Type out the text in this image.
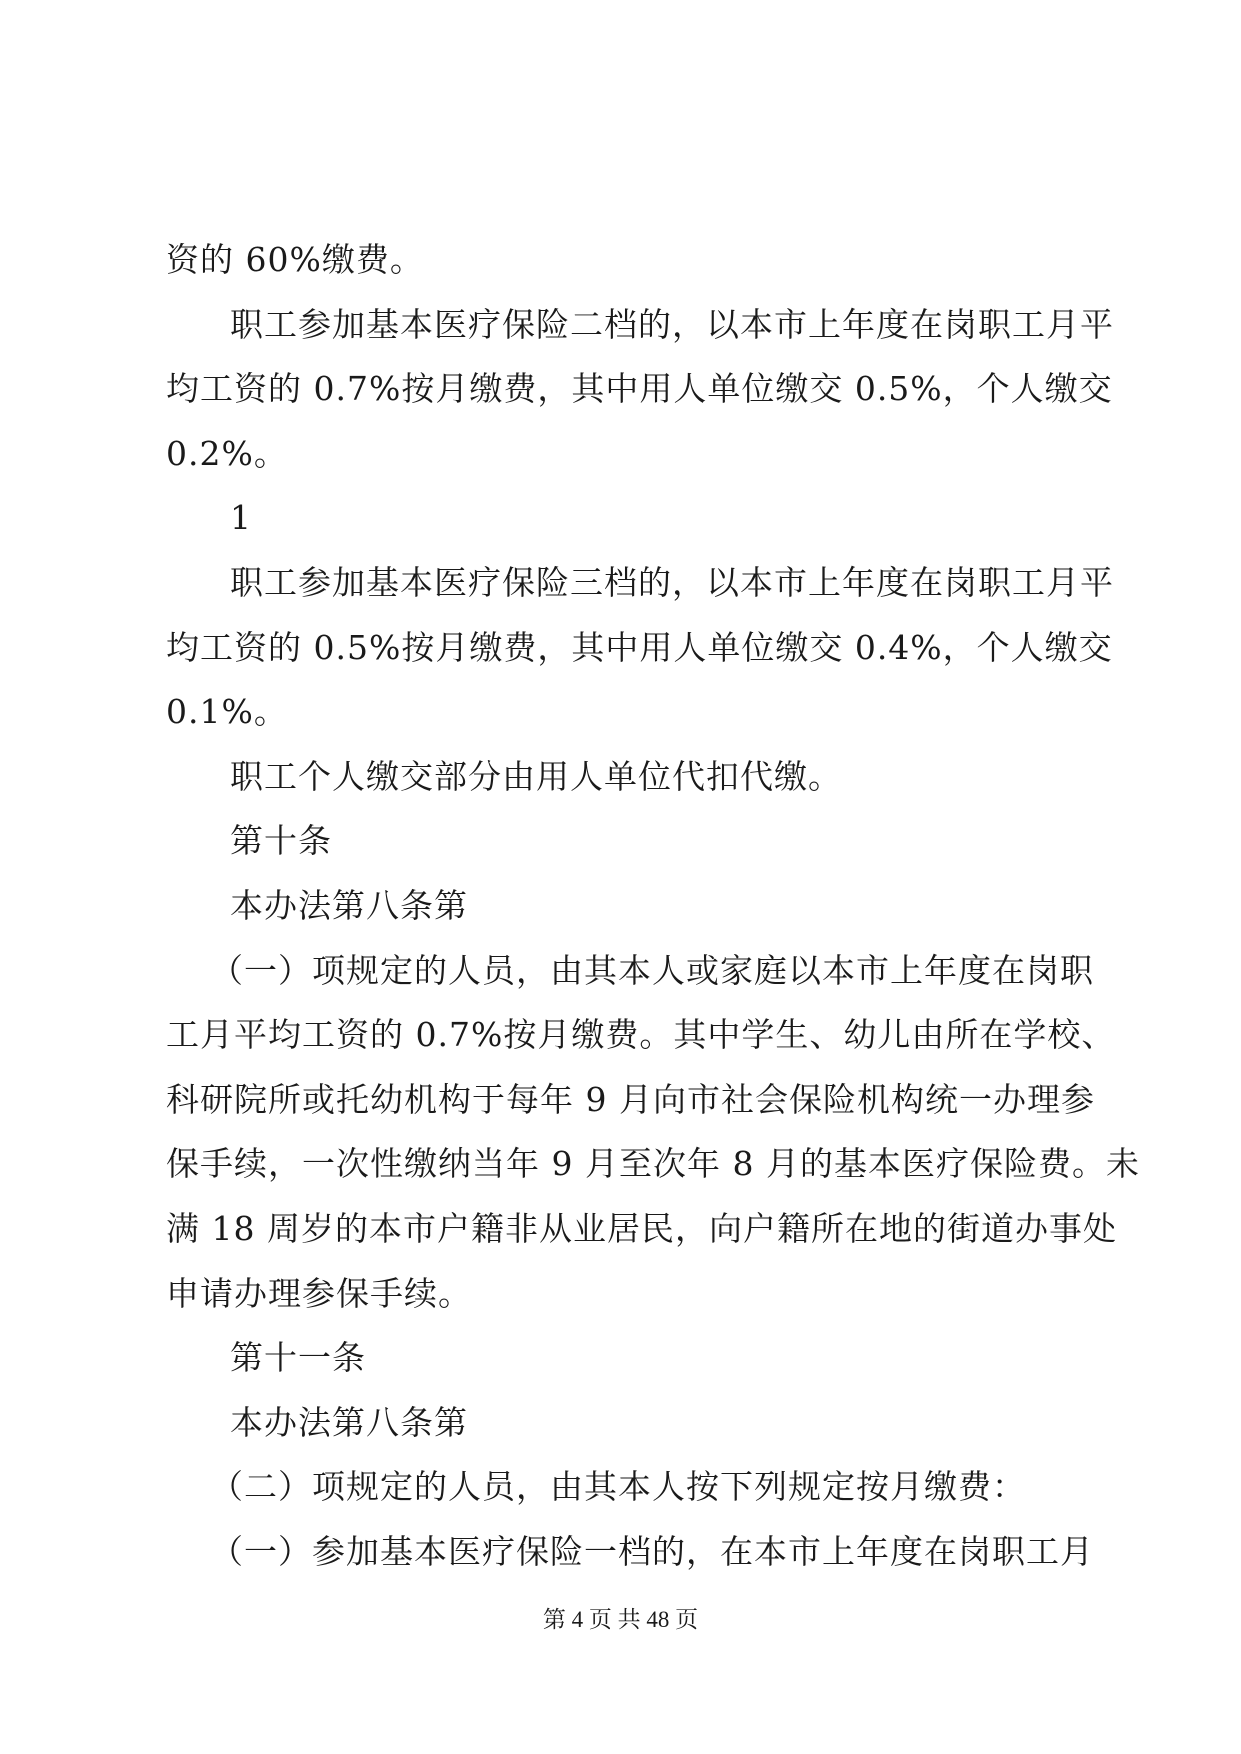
资的 60%缴费。
职工参加基本医疗保险二档的，以本市上年度在岗职工月平
均工资的 0.7%按月缴费，其中用人单位缴交 0.5%，个人缴交
0.2%。
1
职工参加基本医疗保险三档的，以本市上年度在岗职工月平
均工资的 0.5%按月缴费，其中用人单位缴交 0.4%，个人缴交
0.1%。
职工个人缴交部分由用人单位代扣代缴。
第十条
本办法第八条第
（一）项规定的人员，由其本人或家庭以本市上年度在岗职
工月平均工资的 0.7%按月缴费。其中学生、幼儿由所在学校、
科研院所或托幼机构于每年 9 月向市社会保险机构统一办理参
保手续，一次性缴纳当年 9 月至次年 8 月的基本医疗保险费。未
满 18 周岁的本市户籍非从业居民，向户籍所在地的街道办事处
申请办理参保手续。
第十一条
本办法第八条第
（二）项规定的人员，由其本人按下列规定按月缴费：
（一）参加基本医疗保险一档的，在本市上年度在岗职工月
第 4 页 共 48 页
